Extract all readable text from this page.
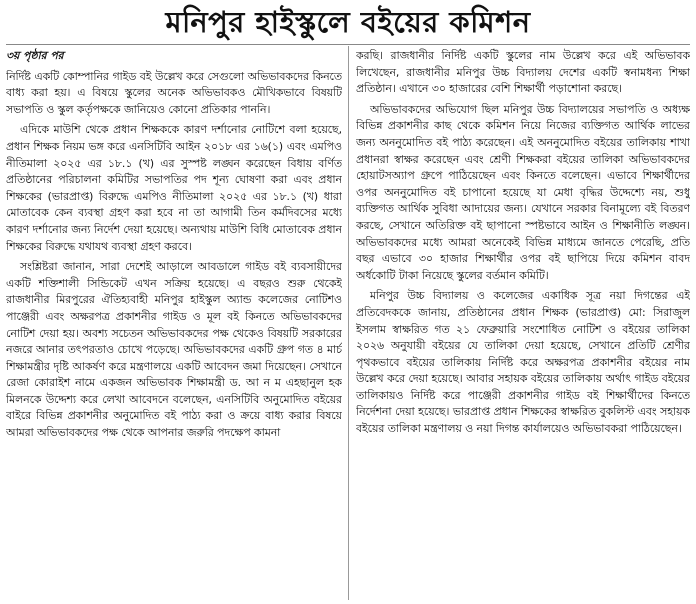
মনিপুর হাইস্কুলে বইয়ের কমিশন

৩য় পৃষ্ঠার পর

নির্দিষ্ট একটি কোম্পানির গাইড বই উল্লেখ করে সেগুলো অভিভাবকদের কিনতে বাধ্য করা হয়। এ বিষয়ে স্কুলের অনেক অভিভাবকও মৌখিকভাবে বিষয়টি সভাপতি ও স্কুল কর্তৃপক্ষকে জানিয়েও কোনো প্রতিকার পাননি।

এদিকে মাউশি থেকে প্রধান শিক্ষককে কারণ দর্শানোর নোটিশে বলা হয়েছে, প্রধান শিক্ষক নিয়ম ভঙ্গ করে এনসিটিবি আইন ২০১৮ এর ১৬(১) এবং এমপিও নীতিমালা ২০২৫ এর ১৮.১ (খ) এর সুস্পষ্ট লঙ্ঘন করেছেন বিধায় বর্ণিত প্রতিষ্ঠানের পরিচালনা কমিটির সভাপতির পদ শূন্য ঘোষণা করা এবং প্রধান শিক্ষকের (ভারপ্রাপ্ত) বিরুদ্ধে এমপিও নীতিমালা ২০২৫ এর ১৮.১ (খ) ধারা মোতাবেক কেন ব্যবস্থা গ্রহণ করা হবে না তা আগামী তিন কর্মদিবসের মধ্যে কারণ দর্শানোর জন্য নির্দেশ দেয়া হয়েছে। অন্যথায় মাউশি বিধি মোতাবেক প্রধান শিক্ষকের বিরুদ্ধে যথাযথ ব্যবস্থা গ্রহণ করবে।

সংশ্লিষ্টরা জানান, সারা দেশেই আড়ালে আবডালে গাইড বই ব্যবসায়ীদের একটি শক্তিশালী সিন্ডিকেট এখন সক্রিয় হয়েছে। এ বছরও শুরু থেকেই রাজধানীর মিরপুরের ঐতিহ্যবাহী মনিপুর হাইস্কুল অ্যান্ড কলেজের নোটিশও পাঞ্জেরী এবং অক্ষরপত্র প্রকাশনীর গাইড ও মূল বই কিনতে অভিভাবকদের নোটিশ দেয়া হয়। অবশ্য সচেতন অভিভাবকদের পক্ষ থেকেও বিষয়টি সরকারের নজরে আনার তৎপরতাও চোখে পড়েছে। অভিভাবকদের একটি গ্রুপ গত ৪ মার্চ শিক্ষামন্ত্রীর দৃষ্টি আকর্ষণ করে মন্ত্রণালয়ে একটি আবেদন জমা দিয়েছেন। সেখানে রেজা কোরাইশ নামে একজন অভিভাবক শিক্ষামন্ত্রী ড. আ ন ম এহছানুল হক মিলনকে উদ্দেশ্য করে লেখা আবেদনে বলেছেন, এনসিটিবি অনুমোদিত বইয়ের বাইরে বিভিন্ন প্রকাশনীর অনুমোদিত বই পাঠ্য করা ও ক্রয়ে বাধ্য করার বিষয়ে আমরা অভিভাবকদের পক্ষ থেকে আপনার জরুরি পদক্ষেপ কামনা

করছি। রাজধানীর নির্দিষ্ট একটি স্কুলের নাম উল্লেখ করে এই অভিভাবক লিখেছেন, রাজধানীর মনিপুর উচ্চ বিদ্যালয় দেশের একটি স্বনামধন্য শিক্ষা প্রতিষ্ঠান। এখানে ৩০ হাজারের বেশি শিক্ষার্থী পড়াশোনা করছে।

অভিভাবকদের অভিযোগ ছিল মনিপুর উচ্চ বিদ্যালয়ের সভাপতি ও অধ্যক্ষ বিভিন্ন প্রকাশনীর কাছ থেকে কমিশন নিয়ে নিজের ব্যক্তিগত আর্থিক লাভের জন্য অননুমোদিত বই পাঠ্য করেছেন। এই অননুমোদিত বইয়ের তালিকায় শাখা প্রধানরা স্বাক্ষর করেছেন এবং শ্রেণী শিক্ষকরা বইয়ের তালিকা অভিভাবকদের হোয়াটসঅ্যাপ গ্রুপে পাঠিয়েছেন এবং কিনতে বলেছেন। এভাবে শিক্ষার্থীদের ওপর অননুমোদিত বই চাপানো হয়েছে যা মেধা বৃদ্ধির উদ্দেশ্যে নয়, শুধু ব্যক্তিগত আর্থিক সুবিধা আদায়ের জন্য। যেখানে সরকার বিনামূল্যে বই বিতরণ করছে, সেখানে অতিরিক্ত বই ছাপানো স্পষ্টভাবে আইন ও শিক্ষানীতি লঙ্ঘন। অভিভাবকদের মধ্যে আমরা অনেকেই বিভিন্ন মাধ্যমে জানতে পেরেছি, প্রতি বছর এভাবে ৩০ হাজার শিক্ষার্থীর ওপর বই ছাপিয়ে দিয়ে কমিশন বাবদ অর্ধকোটি টাকা নিয়েছে স্কুলের বর্তমান কমিটি।

মনিপুর উচ্চ বিদ্যালয় ও কলেজের একাধিক সূত্র নয়া দিগন্তের এই প্রতিবেদককে জানায়, প্রতিষ্ঠানের প্রধান শিক্ষক (ভারপ্রাপ্ত) মো: সিরাজুল ইসলাম স্বাক্ষরিত গত ২১ ফেব্রুয়ারি সংশোধিত নোটিশ ও বইয়ের তালিকা ২০২৬ অনুযায়ী বইয়ের যে তালিকা দেয়া হয়েছে, সেখানে প্রতিটি শ্রেণীর পৃথকভাবে বইয়ের তালিকায় নির্দিষ্ট করে অক্ষরপত্র প্রকাশনীর বইয়ের নাম উল্লেখ করে দেয়া হয়েছে। আবার সহায়ক বইয়ের তালিকায় অর্থাৎ গাইড বইয়ের তালিকায়ও নির্দিষ্ট করে পাঞ্জেরী প্রকাশনীর গাইড বই শিক্ষার্থীদের কিনতে নির্দেশনা দেয়া হয়েছে। ভারপ্রাপ্ত প্রধান শিক্ষকের স্বাক্ষরিত বুকলিস্ট এবং সহায়ক বইয়ের তালিকা মন্ত্রণালয় ও নয়া দিগন্ত কার্যালয়েও অভিভাবকরা পাঠিয়েছেন।
